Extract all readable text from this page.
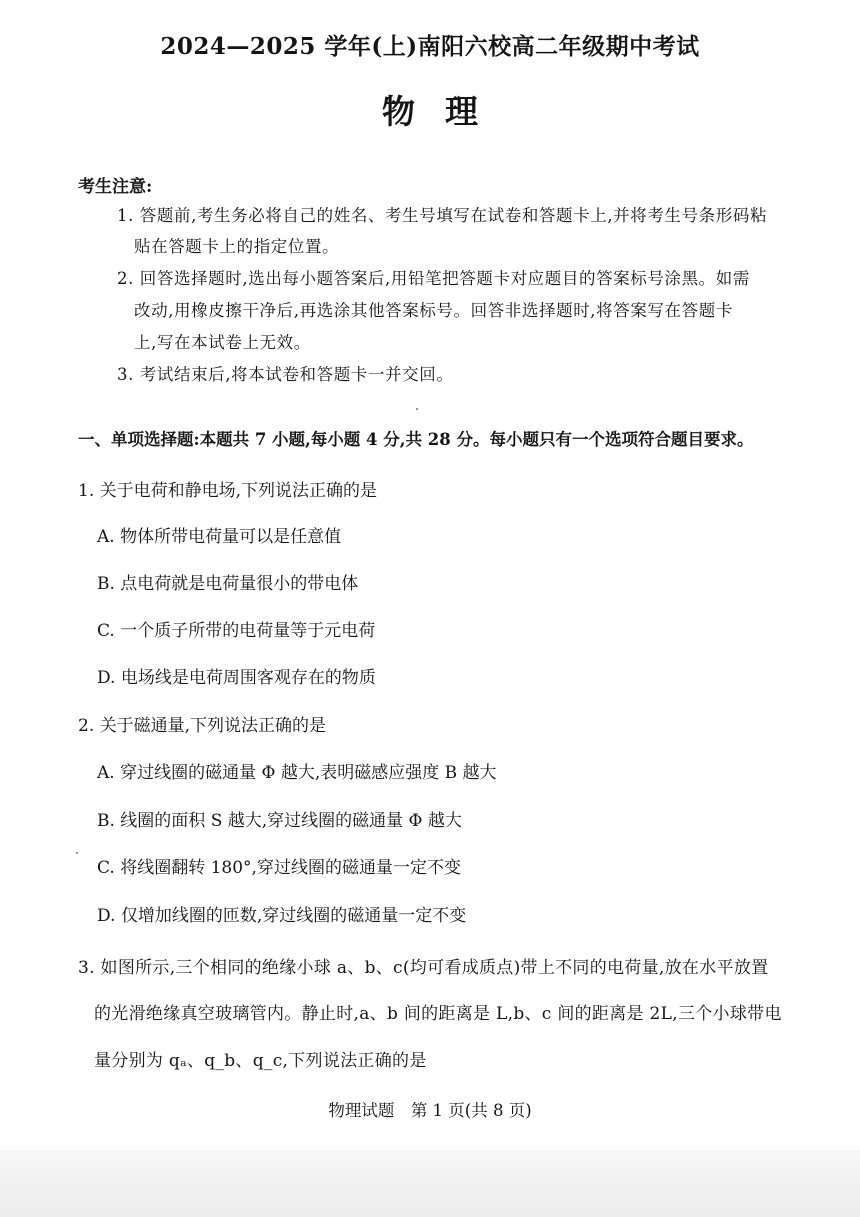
2024—2025 学年(上)南阳六校高二年级期中考试
物理
考生注意:
1. 答题前,考生务必将自己的姓名、考生号填写在试卷和答题卡上,并将考生号条形码粘
贴在答题卡上的指定位置。
2. 回答选择题时,选出每小题答案后,用铅笔把答题卡对应题目的答案标号涂黑。如需
改动,用橡皮擦干净后,再选涂其他答案标号。回答非选择题时,将答案写在答题卡
上,写在本试卷上无效。
3. 考试结束后,将本试卷和答题卡一并交回。
一、单项选择题:本题共 7 小题,每小题 4 分,共 28 分。每小题只有一个选项符合题目要求。
1. 关于电荷和静电场,下列说法正确的是
A. 物体所带电荷量可以是任意值
B. 点电荷就是电荷量很小的带电体
C. 一个质子所带的电荷量等于元电荷
D. 电场线是电荷周围客观存在的物质
2. 关于磁通量,下列说法正确的是
A. 穿过线圈的磁通量 Φ 越大,表明磁感应强度 B 越大
B. 线圈的面积 S 越大,穿过线圈的磁通量 Φ 越大
C. 将线圈翻转 180°,穿过线圈的磁通量一定不变
D. 仅增加线圈的匝数,穿过线圈的磁通量一定不变
3. 如图所示,三个相同的绝缘小球 a、b、c(均可看成质点)带上不同的电荷量,放在水平放置
的光滑绝缘真空玻璃管内。静止时,a、b 间的距离是 L,b、c 间的距离是 2L,三个小球带电
量分别为 qₐ、q_b、q_c,下列说法正确的是
物理试题　第 1 页(共 8 页)
